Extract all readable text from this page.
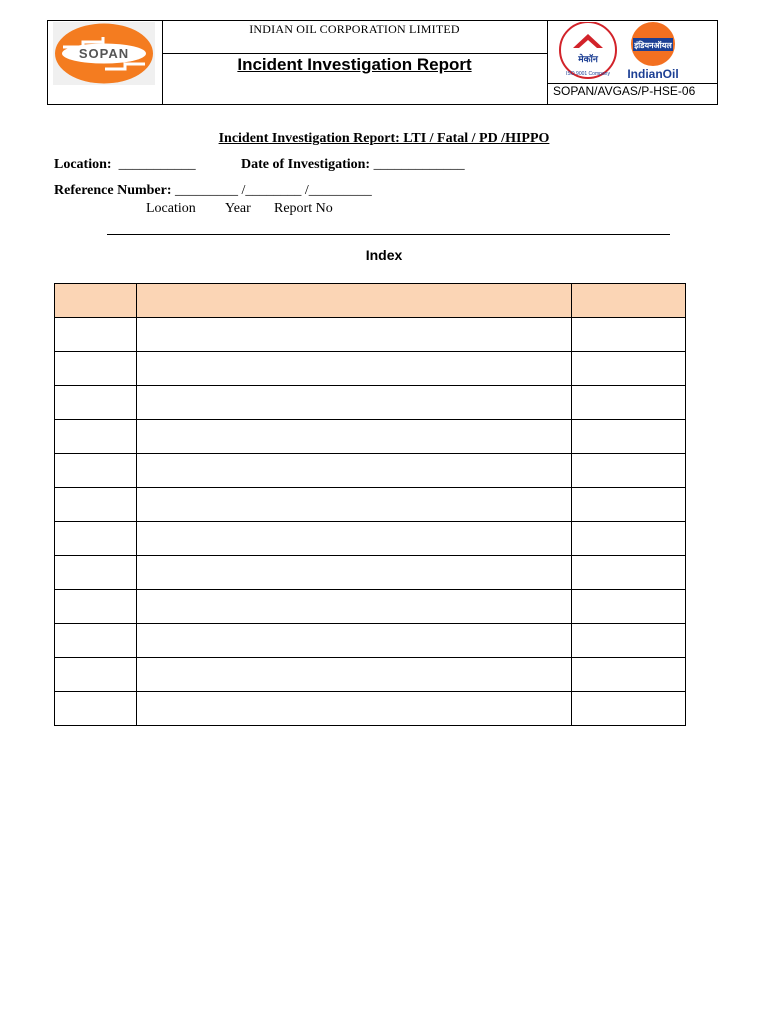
SOPAN
INDIAN OIL CORPORATION LIMITED
Incident Investigation Report	मेकॉन
ISO 9001 Company
इंडियनऑयल
IndianOil
SOPAN/AVGAS/P-HSE-06
Incident Investigation Report: LTI / Fatal / PD /HIPPO
Location: ___________	Date of Investigation: _____________
Reference Number: _________ /________ /_________
Location Year Report No
Index
